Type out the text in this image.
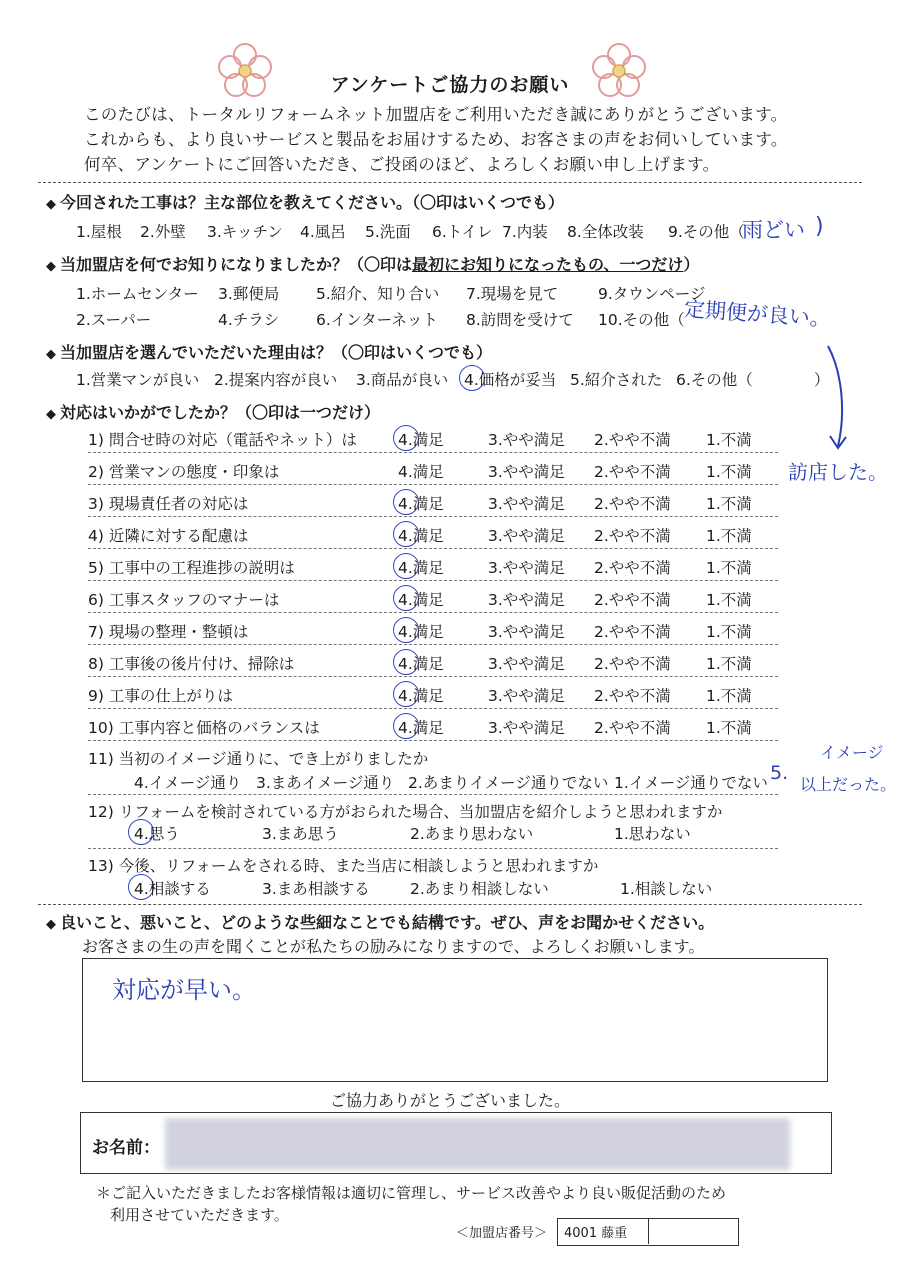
アンケートご協力のお願い
このたびは、トータルリフォームネット加盟店をご利用いただき誠にありがとうございます。
これからも、より良いサービスと製品をお届けするため、お客さまの声をお伺いしています。
何卒、アンケートにご回答いただき、ご投函のほど、よろしくお願い申し上げます。
◆ 今回された工事は？主な部位を教えてください。（〇印はいくつでも）
1.屋根 2.外壁 3.キッチン 4.風呂 5.洗面 6.トイレ 7.内装 8.全体改装 9.その他（
雨どい )
◆ 当加盟店を何でお知りになりましたか？（〇印は最初にお知りになったもの、一つだけ）
1.ホームセンター 3.郵便局 5.紹介、知り合い 7.現場を見て	9.タウンページ
2.スーパー	4.チラシ 6.インターネット 8.訪問を受けて 10.その他（
定期便が良い。
◆ 当加盟店を選んでいただいた理由は？（〇印はいくつでも）
1.営業マンが良い 2.提案内容が良い 3.商品が良い 4.価格が妥当 5.紹介された 6.その他（	）
訪店した。
◆ 対応はいかがでしたか？（〇印は一つだけ）
1) 問合せ時の対応（電話やネット）は	4.満足	3.やや満足 2.やや不満 1.不満
2) 営業マンの態度・印象は	4.満足	3.やや満足 2.やや不満 1.不満
3) 現場責任者の対応は	4.満足	3.やや満足 2.やや不満 1.不満
4) 近隣に対する配慮は	4.満足	3.やや満足 2.やや不満 1.不満
5) 工事中の工程進捗の説明は	4.満足	3.やや満足 2.やや不満 1.不満
6) 工事スタッフのマナーは	4.満足	3.やや満足 2.やや不満 1.不満
7) 現場の整理・整頓は	4.満足	3.やや満足 2.やや不満 1.不満
8) 工事後の後片付け、掃除は	4.満足	3.やや満足 2.やや不満 1.不満
9) 工事の仕上がりは	4.満足	3.やや満足 2.やや不満 1.不満
10) 工事内容と価格のバランスは	4.満足	3.やや満足 2.やや不満 1.不満
11) 当初のイメージ通りに、でき上がりましたか
4.イメージ通り 3.まあイメージ通り 2.あまりイメージ通りでない 1.イメージ通りでない 5.
イメージ
以上だった。
12) リフォームを検討されている方がおられた場合、当加盟店を紹介しようと思われますか
4.思う	3.まあ思う	2.あまり思わない	1.思わない
13) 今後、リフォームをされる時、また当店に相談しようと思われますか
4.相談する	3.まあ相談する	2.あまり相談しない	1.相談しない
◆ 良いこと、悪いこと、どのような些細なことでも結構です。ぜひ、声をお聞かせください。
お客さまの生の声を聞くことが私たちの励みになりますので、よろしくお願いします。
対応が早い。
ご協力ありがとうございました。
お名前：
＊ご記入いただきましたお客様情報は適切に管理し、サービス改善やより良い販促活動のため
利用させていただきます。
＜加盟店番号＞ 4001 藤重
